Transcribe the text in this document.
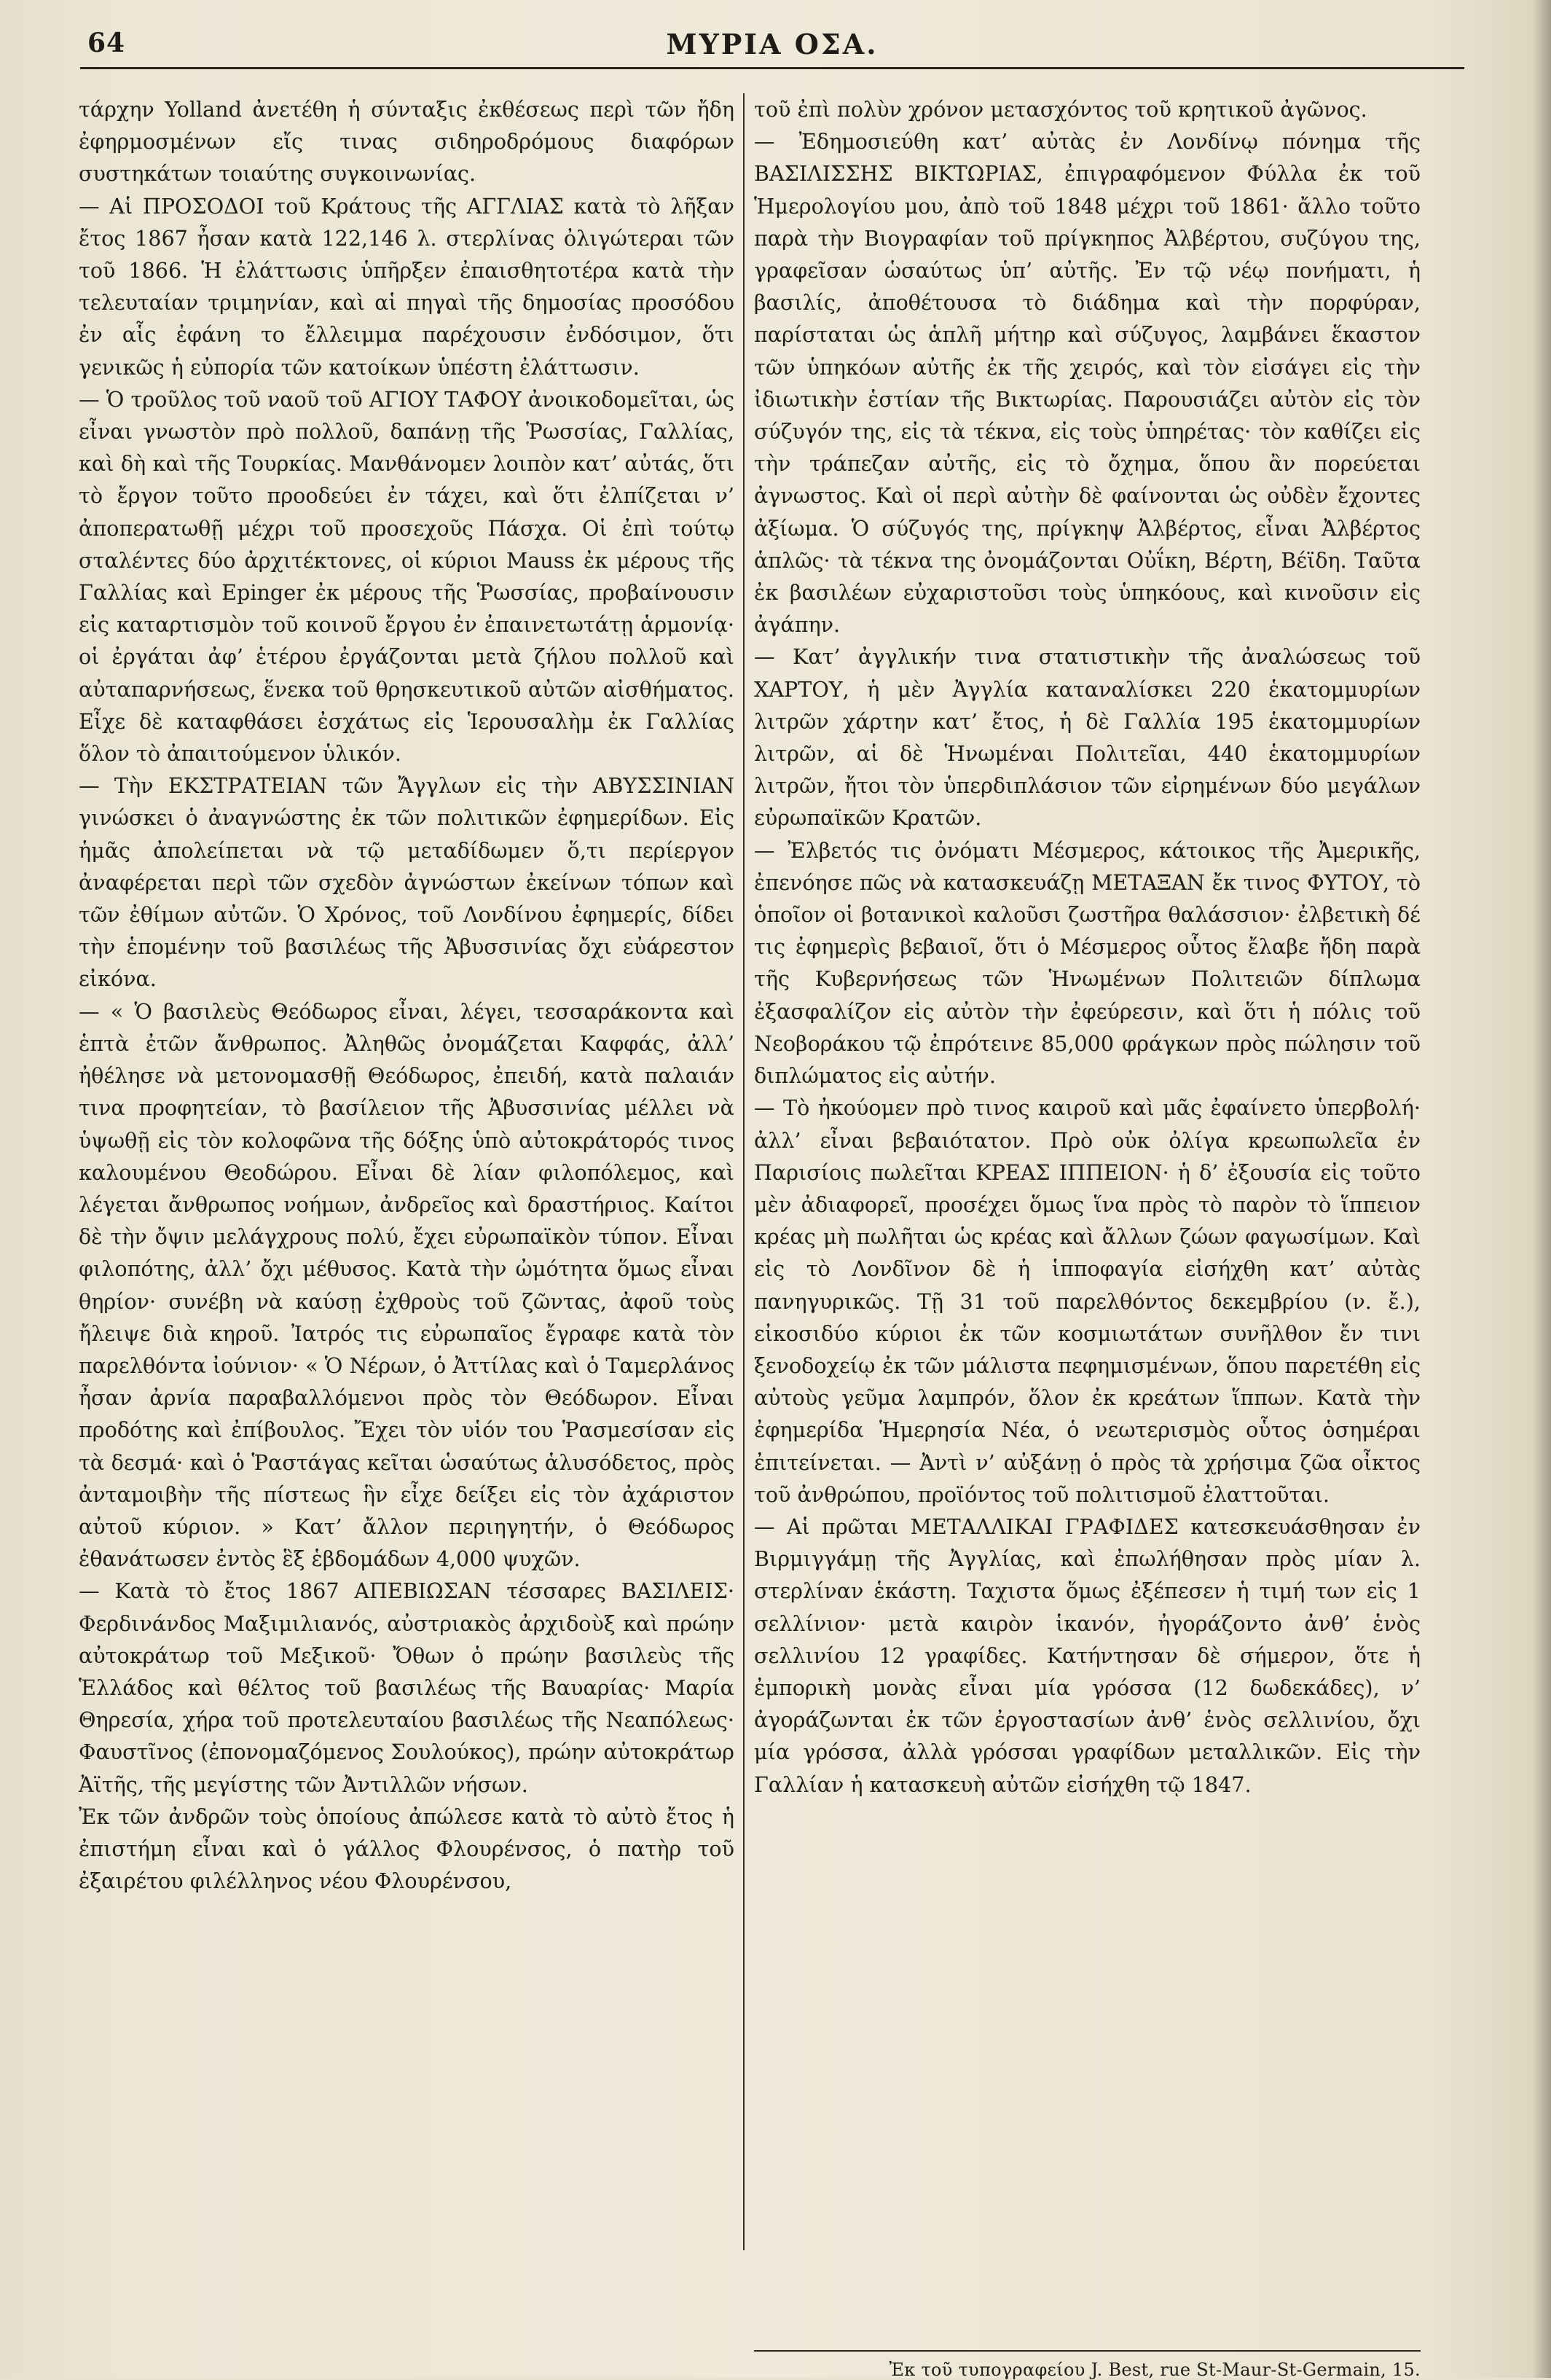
64	ΜΥΡΙΑ ΟΣΑ.

τάρχην Yolland ἀνετέθη ἡ σύνταξις ἐκθέσεως περὶ τῶν ἤδη ἐφηρμοσμένων εἴς τινας σιδηροδρόμους διαφόρων συστηκάτων τοιαύτης συγκοινωνίας.

— Αἱ ΠΡΟΣΟΔΟΙ τοῦ Κράτους τῆς ΑΓΓΛΙΑΣ κατὰ τὸ λῆξαν ἔτος 1867 ἦσαν κατὰ 122,146 λ. στερλίνας ὀλιγώτεραι τῶν τοῦ 1866. Ἡ ἐλάττωσις ὑπῆρξεν ἐπαισθητοτέρα κατὰ τὴν τελευταίαν τριμηνίαν, καὶ αἱ πηγαὶ τῆς δημοσίας προσόδου ἐν αἷς ἐφάνη το ἔλλειμμα παρέχουσιν ἐνδόσιμον, ὅτι γενικῶς ἡ εὐπορία τῶν κατοίκων ὑπέστη ἐλάττωσιν.

— Ὁ τροῦλος τοῦ ναοῦ τοῦ ΑΓΙΟΥ ΤΑΦΟΥ ἀνοικοδομεῖται, ὡς εἶναι γνωστὸν πρὸ πολλοῦ, δαπάνῃ τῆς Ῥωσσίας, Γαλλίας, καὶ δὴ καὶ τῆς Τουρκίας. Μανθάνομεν λοιπὸν κατ’ αὐτάς, ὅτι τὸ ἔργον τοῦτο προοδεύει ἐν τάχει, καὶ ὅτι ἐλπίζεται ν’ ἀποπερατωθῇ μέχρι τοῦ προσεχοῦς Πάσχα. Οἱ ἐπὶ τούτῳ σταλέντες δύο ἀρχιτέκτονες, οἱ κύριοι Mauss ἐκ μέρους τῆς Γαλλίας καὶ Epinger ἐκ μέρους τῆς Ῥωσσίας, προβαίνουσιν εἰς καταρτισμὸν τοῦ κοινοῦ ἔργου ἐν ἐπαινετωτάτῃ ἁρμονίᾳ· οἱ ἐργάται ἀφ’ ἑτέρου ἐργάζονται μετὰ ζήλου πολλοῦ καὶ αὐταπαρνήσεως, ἕνεκα τοῦ θρησκευτικοῦ αὐτῶν αἰσθήματος. Εἶχε δὲ καταφθάσει ἐσχάτως εἰς Ἱερουσαλὴμ ἐκ Γαλλίας ὅλον τὸ ἀπαιτούμενον ὑλικόν.

— Τὴν ΕΚΣΤΡΑΤΕΙΑΝ τῶν Ἄγγλων εἰς τὴν ΑΒΥΣΣΙΝΙΑΝ γινώσκει ὁ ἀναγνώστης ἐκ τῶν πολιτικῶν ἐφημερίδων. Εἰς ἡμᾶς ἀπολείπεται νὰ τῷ μεταδίδωμεν ὅ,τι περίεργον ἀναφέρεται περὶ τῶν σχεδὸν ἀγνώστων ἐκείνων τόπων καὶ τῶν ἐθίμων αὐτῶν. Ὁ Χρόνος, τοῦ Λονδίνου ἐφημερίς, δίδει τὴν ἑπομένην τοῦ βασιλέως τῆς Ἀβυσσινίας ὄχι εὐάρεστον εἰκόνα.

— « Ὁ βασιλεὺς Θεόδωρος εἶναι, λέγει, τεσσαράκοντα καὶ ἑπτὰ ἐτῶν ἄνθρωπος. Ἀληθῶς ὀνομάζεται Καφφάς, ἀλλ’ ἠθέλησε νὰ μετονομασθῇ Θεόδωρος, ἐπειδή, κατὰ παλαιάν τινα προφητείαν, τὸ βασίλειον τῆς Ἀβυσσινίας μέλλει νὰ ὑψωθῇ εἰς τὸν κολοφῶνα τῆς δόξης ὑπὸ αὐτοκράτορός τινος καλουμένου Θεοδώρου. Εἶναι δὲ λίαν φιλοπόλεμος, καὶ λέγεται ἄνθρωπος νοήμων, ἀνδρεῖος καὶ δραστήριος. Καίτοι δὲ τὴν ὄψιν μελάγχρους πολύ, ἔχει εὐρωπαϊκὸν τύπον. Εἶναι φιλοπότης, ἀλλ’ ὄχι μέθυσος. Κατὰ τὴν ὠμότητα ὅμως εἶναι θηρίον· συνέβη νὰ καύσῃ ἐχθροὺς τοῦ ζῶντας, ἀφοῦ τοὺς ἤλειψε διὰ κηροῦ. Ἰατρός τις εὐρωπαῖος ἔγραφε κατὰ τὸν παρελθόντα ἰούνιον· « Ὁ Νέρων, ὁ Ἀττίλας καὶ ὁ Ταμερλάνος ἦσαν ἀρνία παραβαλλόμενοι πρὸς τὸν Θεόδωρον. Εἶναι προδότης καὶ ἐπίβουλος. Ἔχει τὸν υἱόν του Ῥασμεσίσαν εἰς τὰ δεσμά· καὶ ὁ Ῥαστάγας κεῖται ὡσαύτως ἁλυσόδετος, πρὸς ἀνταμοιβὴν τῆς πίστεως ἣν εἶχε δείξει εἰς τὸν ἀχάριστον αὐτοῦ κύριον. » Κατ’ ἄλλον περιηγητήν, ὁ Θεόδωρος ἐθανάτωσεν ἐντὸς ἓξ ἑβδομάδων 4,000 ψυχῶν.

— Κατὰ τὸ ἔτος 1867 ΑΠΕΒΙΩΣΑΝ τέσσαρες ΒΑΣΙΛΕΙΣ· Φερδινάνδος Μαξιμιλιανός, αὐστριακὸς ἀρχιδοὺξ καὶ πρώην αὐτοκράτωρ τοῦ Μεξικοῦ· Ὄθων ὁ πρώην βασιλεὺς τῆς Ἑλλάδος καὶ θέλτος τοῦ βασιλέως τῆς Βαυαρίας· Μαρία Θηρεσία, χήρα τοῦ προτελευταίου βασιλέως τῆς Νεαπόλεως· Φαυστῖνος (ἐπονομαζόμενος Σουλούκος), πρώην αὐτοκράτωρ Ἀϊτῆς, τῆς μεγίστης τῶν Ἀντιλλῶν νήσων.

Ἐκ τῶν ἀνδρῶν τοὺς ὁποίους ἀπώλεσε κατὰ τὸ αὐτὸ ἔτος ἡ ἐπιστήμη εἶναι καὶ ὁ γάλλος Φλουρένσος, ὁ πατὴρ τοῦ ἐξαιρέτου φιλέλληνος νέου Φλουρένσου,

τοῦ ἐπὶ πολὺν χρόνον μετασχόντος τοῦ κρητικοῦ ἀγῶνος.

— Ἐδημοσιεύθη κατ’ αὐτὰς ἐν Λονδίνῳ πόνημα τῆς ΒΑΣΙΛΙΣΣΗΣ ΒΙΚΤΩΡΙΑΣ, ἐπιγραφόμενον Φύλλα ἐκ τοῦ Ἡμερολογίου μου, ἀπὸ τοῦ 1848 μέχρι τοῦ 1861· ἄλλο τοῦτο παρὰ τὴν Βιογραφίαν τοῦ πρίγκηπος Ἀλβέρτου, συζύγου της, γραφεῖσαν ὡσαύτως ὑπ’ αὐτῆς. Ἐν τῷ νέῳ πονήματι, ἡ βασιλίς, ἀποθέτουσα τὸ διάδημα καὶ τὴν πορφύραν, παρίσταται ὡς ἁπλῆ μήτηρ καὶ σύζυγος, λαμβάνει ἕκαστον τῶν ὑπηκόων αὐτῆς ἐκ τῆς χειρός, καὶ τὸν εἰσάγει εἰς τὴν ἰδιωτικὴν ἑστίαν τῆς Βικτωρίας. Παρουσιάζει αὐτὸν εἰς τὸν σύζυγόν της, εἰς τὰ τέκνα, εἰς τοὺς ὑπηρέτας· τὸν καθίζει εἰς τὴν τράπεζαν αὐτῆς, εἰς τὸ ὄχημα, ὅπου ἂν πορεύεται ἀγνωστος. Καὶ οἱ περὶ αὐτὴν δὲ φαίνονται ὡς οὐδὲν ἔχοντες ἀξίωμα. Ὁ σύζυγός της, πρίγκηψ Ἀλβέρτος, εἶναι Ἀλβέρτος ἁπλῶς· τὰ τέκνα της ὀνομάζονται Οὐΐκη, Βέρτη, Βέϊδη. Ταῦτα ἐκ βασιλέων εὐχαριστοῦσι τοὺς ὑπηκόους, καὶ κινοῦσιν εἰς ἀγάπην.

— Κατ’ ἀγγλικήν τινα στατιστικὴν τῆς ἀναλώσεως τοῦ ΧΑΡΤΟΥ, ἡ μὲν Ἀγγλία καταναλίσκει 220 ἑκατομμυρίων λιτρῶν χάρτην κατ’ ἔτος, ἡ δὲ Γαλλία 195 ἑκατομμυρίων λιτρῶν, αἱ δὲ Ἡνωμέναι Πολιτεῖαι, 440 ἑκατομμυρίων λιτρῶν, ἤτοι τὸν ὑπερδιπλάσιον τῶν εἰρημένων δύο μεγάλων εὐρωπαϊκῶν Κρατῶν.

— Ἐλβετός τις ὀνόματι Μέσμερος, κάτοικος τῆς Ἀμερικῆς, ἐπενόησε πῶς νὰ κατασκευάζῃ ΜΕΤΑΞΑΝ ἔκ τινος ΦΥΤΟΥ, τὸ ὁποῖον οἱ βοτανικοὶ καλοῦσι ζωστῆρα θαλάσσιον· ἐλβετικὴ δέ τις ἐφημερὶς βεβαιοῖ, ὅτι ὁ Μέσμερος οὗτος ἔλαβε ἤδη παρὰ τῆς Κυβερνήσεως τῶν Ἡνωμένων Πολιτειῶν δίπλωμα ἐξασφαλίζον εἰς αὐτὸν τὴν ἐφεύρεσιν, καὶ ὅτι ἡ πόλις τοῦ Νεοβοράκου τῷ ἐπρότεινε 85,000 φράγκων πρὸς πώλησιν τοῦ διπλώματος εἰς αὐτήν.

— Τὸ ἠκούομεν πρὸ τινος καιροῦ καὶ μᾶς ἐφαίνετο ὑπερβολή· ἀλλ’ εἶναι βεβαιότατον. Πρὸ οὐκ ὀλίγα κρεωπωλεῖα ἐν Παρισίοις πωλεῖται ΚΡΕΑΣ ΙΠΠΕΙΟΝ· ἡ δ’ ἐξουσία εἰς τοῦτο μὲν ἀδιαφορεῖ, προσέχει ὅμως ἵνα πρὸς τὸ παρὸν τὸ ἵππειον κρέας μὴ πωλῆται ὡς κρέας καὶ ἄλλων ζώων φαγωσίμων. Καὶ εἰς τὸ Λονδῖνον δὲ ἡ ἱπποφαγία εἰσήχθη κατ’ αὐτὰς πανηγυρικῶς. Τῇ 31 τοῦ παρελθόντος δεκεμβρίου (ν. ἔ.), εἰκοσιδύο κύριοι ἐκ τῶν κοσμιωτάτων συνῆλθον ἔν τινι ξενοδοχείῳ ἐκ τῶν μάλιστα πεφημισμένων, ὅπου παρετέθη εἰς αὐτοὺς γεῦμα λαμπρόν, ὅλον ἐκ κρεάτων ἵππων. Κατὰ τὴν ἐφημερίδα Ἡμερησία Νέα, ὁ νεωτερισμὸς οὗτος ὁσημέραι ἐπιτείνεται. — Ἀντὶ ν’ αὐξάνῃ ὁ πρὸς τὰ χρήσιμα ζῶα οἶκτος τοῦ ἀνθρώπου, προϊόντος τοῦ πολιτισμοῦ ἐλαττοῦται.

— Αἱ πρῶται ΜΕΤΑΛΛΙΚΑΙ ΓΡΑΦΙΔΕΣ κατεσκευάσθησαν ἐν Βιρμιγγάμῃ τῆς Ἀγγλίας, καὶ ἐπωλήθησαν πρὸς μίαν λ. στερλίναν ἑκάστη. Ταχιστα ὅμως ἐξέπεσεν ἡ τιμή των εἰς 1 σελλίνιον· μετὰ καιρὸν ἱκανόν, ἠγοράζοντο ἀνθ’ ἑνὸς σελλινίου 12 γραφίδες. Κατήντησαν δὲ σήμερον, ὅτε ἡ ἐμπορικὴ μονὰς εἶναι μία γρόσσα (12 δωδεκάδες), ν’ ἀγοράζωνται ἐκ τῶν ἐργοστασίων ἀνθ’ ἑνὸς σελλινίου, ὄχι μία γρόσσα, ἀλλὰ γρόσσαι γραφίδων μεταλλικῶν. Εἰς τὴν Γαλλίαν ἡ κατασκευὴ αὐτῶν εἰσήχθη τῷ 1847.

Ἐκ τοῦ τυπογραφείου J. Best, rue St-Maur-St-Germain, 15.
